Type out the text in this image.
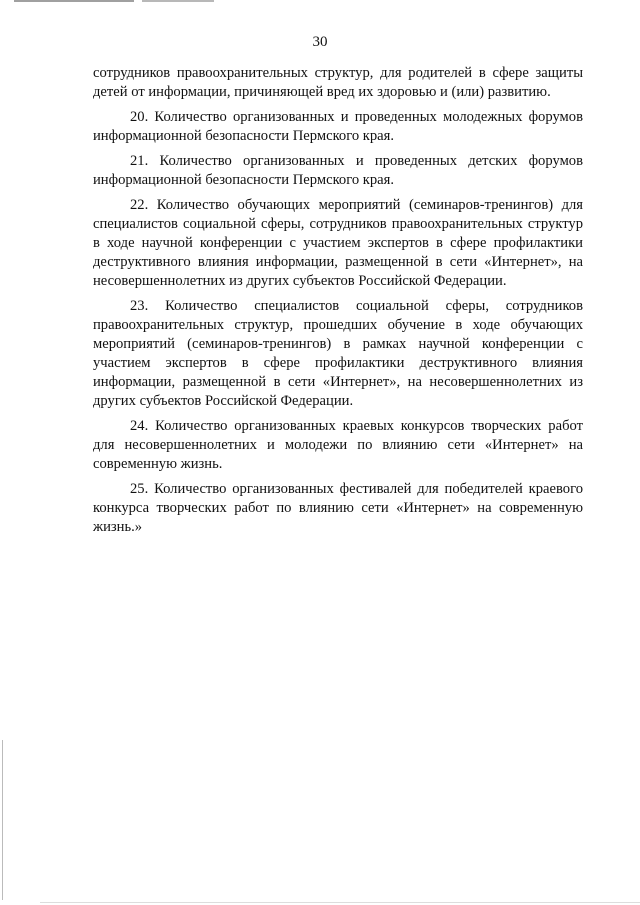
30

сотрудников правоохранительных структур, для родителей в сфере защиты детей от информации, причиняющей вред их здоровью и (или) развитию.

20. Количество организованных и проведенных молодежных форумов информационной безопасности Пермского края.

21. Количество организованных и проведенных детских форумов информационной безопасности Пермского края.

22. Количество обучающих мероприятий (семинаров-тренингов) для специалистов социальной сферы, сотрудников правоохранительных структур в ходе научной конференции с участием экспертов в сфере профилактики деструктивного влияния информации, размещенной в сети «Интернет», на несовершеннолетних из других субъектов Российской Федерации.

23. Количество специалистов социальной сферы, сотрудников правоохранительных структур, прошедших обучение в ходе обучающих мероприятий (семинаров-тренингов) в рамках научной конференции с участием экспертов в сфере профилактики деструктивного влияния информации, размещенной в сети «Интернет», на несовершеннолетних из других субъектов Российской Федерации.

24. Количество организованных краевых конкурсов творческих работ для несовершеннолетних и молодежи по влиянию сети «Интернет» на современную жизнь.

25. Количество организованных фестивалей для победителей краевого конкурса творческих работ по влиянию сети «Интернет» на современную жизнь.»
